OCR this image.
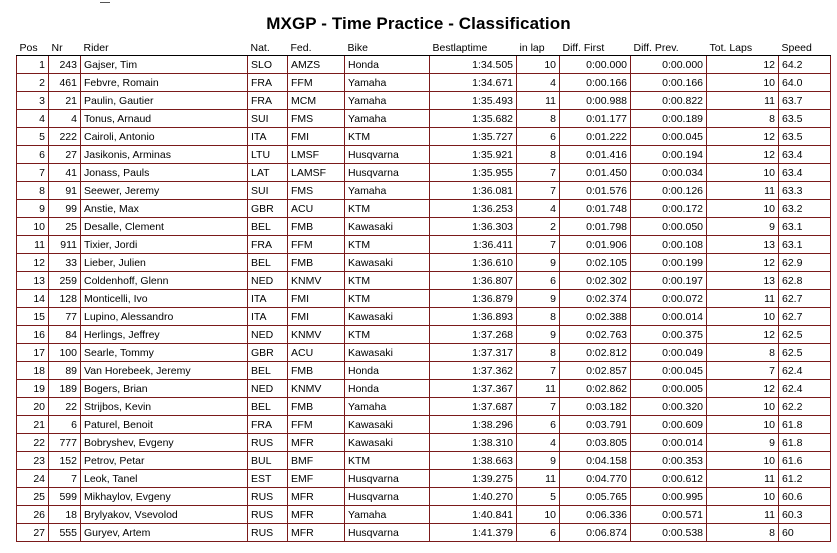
MXGP - Time Practice - Classification
Pos	Nr	Rider	Nat.	Fed.	Bike	Bestlaptime	in lap	Diff. First	Diff. Prev.	Tot. Laps	Speed
1	243	Gajser, Tim	SLO	AMZS	Honda	1:34.505	10	0:00.000	0:00.000	12	64.2
2	461	Febvre, Romain	FRA	FFM	Yamaha	1:34.671	4	0:00.166	0:00.166	10	64.0
3	21	Paulin, Gautier	FRA	MCM	Yamaha	1:35.493	11	0:00.988	0:00.822	11	63.7
4	4	Tonus, Arnaud	SUI	FMS	Yamaha	1:35.682	8	0:01.177	0:00.189	8	63.5
5	222	Cairoli, Antonio	ITA	FMI	KTM	1:35.727	6	0:01.222	0:00.045	12	63.5
6	27	Jasikonis, Arminas	LTU	LMSF	Husqvarna	1:35.921	8	0:01.416	0:00.194	12	63.4
7	41	Jonass, Pauls	LAT	LAMSF	Husqvarna	1:35.955	7	0:01.450	0:00.034	10	63.4
8	91	Seewer, Jeremy	SUI	FMS	Yamaha	1:36.081	7	0:01.576	0:00.126	11	63.3
9	99	Anstie, Max	GBR	ACU	KTM	1:36.253	4	0:01.748	0:00.172	10	63.2
10	25	Desalle, Clement	BEL	FMB	Kawasaki	1:36.303	2	0:01.798	0:00.050	9	63.1
11	911	Tixier, Jordi	FRA	FFM	KTM	1:36.411	7	0:01.906	0:00.108	13	63.1
12	33	Lieber, Julien	BEL	FMB	Kawasaki	1:36.610	9	0:02.105	0:00.199	12	62.9
13	259	Coldenhoff, Glenn	NED	KNMV	KTM	1:36.807	6	0:02.302	0:00.197	13	62.8
14	128	Monticelli, Ivo	ITA	FMI	KTM	1:36.879	9	0:02.374	0:00.072	11	62.7
15	77	Lupino, Alessandro	ITA	FMI	Kawasaki	1:36.893	8	0:02.388	0:00.014	10	62.7
16	84	Herlings, Jeffrey	NED	KNMV	KTM	1:37.268	9	0:02.763	0:00.375	12	62.5
17	100	Searle, Tommy	GBR	ACU	Kawasaki	1:37.317	8	0:02.812	0:00.049	8	62.5
18	89	Van Horebeek, Jeremy	BEL	FMB	Honda	1:37.362	7	0:02.857	0:00.045	7	62.4
19	189	Bogers, Brian	NED	KNMV	Honda	1:37.367	11	0:02.862	0:00.005	12	62.4
20	22	Strijbos, Kevin	BEL	FMB	Yamaha	1:37.687	7	0:03.182	0:00.320	10	62.2
21	6	Paturel, Benoit	FRA	FFM	Kawasaki	1:38.296	6	0:03.791	0:00.609	10	61.8
22	777	Bobryshev, Evgeny	RUS	MFR	Kawasaki	1:38.310	4	0:03.805	0:00.014	9	61.8
23	152	Petrov, Petar	BUL	BMF	KTM	1:38.663	9	0:04.158	0:00.353	10	61.6
24	7	Leok, Tanel	EST	EMF	Husqvarna	1:39.275	11	0:04.770	0:00.612	11	61.2
25	599	Mikhaylov, Evgeny	RUS	MFR	Husqvarna	1:40.270	5	0:05.765	0:00.995	10	60.6
26	18	Brylyakov, Vsevolod	RUS	MFR	Yamaha	1:40.841	10	0:06.336	0:00.571	11	60.3
27	555	Guryev, Artem	RUS	MFR	Husqvarna	1:41.379	6	0:06.874	0:00.538	8	60
